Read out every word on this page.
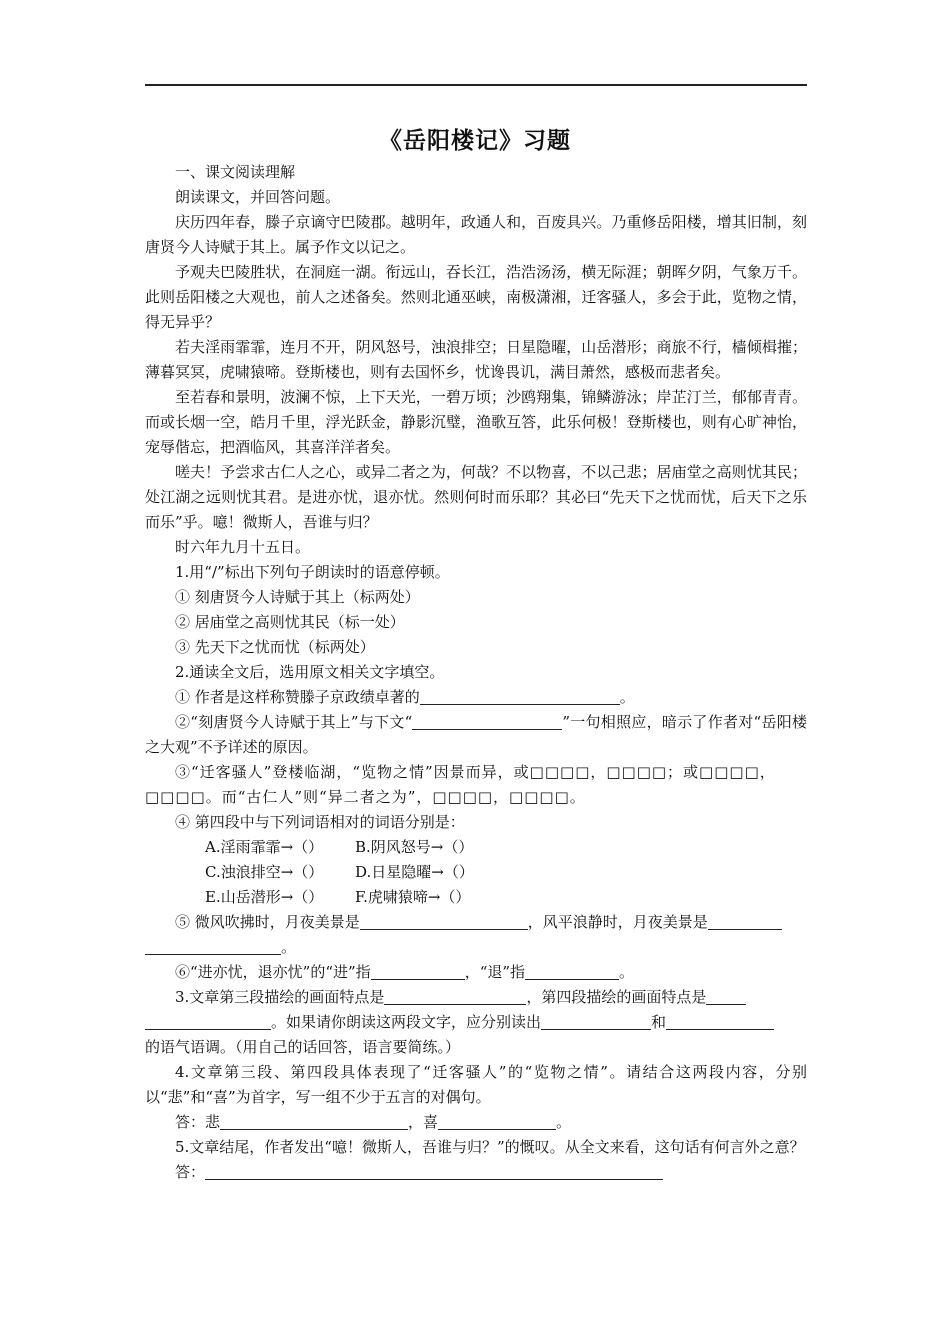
《岳阳楼记》习题

一、课文阅读理解

朗读课文，并回答问题。

庆历四年春，滕子京谪守巴陵郡。越明年，政通人和，百废具兴。乃重修岳阳楼，增其旧制，刻唐贤今人诗赋于其上。属予作文以记之。

予观夫巴陵胜状，在洞庭一湖。衔远山，吞长江，浩浩汤汤，横无际涯；朝晖夕阴，气象万千。此则岳阳楼之大观也，前人之述备矣。然则北通巫峡，南极潇湘，迁客骚人，多会于此，览物之情，得无异乎？

若夫淫雨霏霏，连月不开，阴风怒号，浊浪排空；日星隐曜，山岳潜形；商旅不行，樯倾楫摧；薄暮冥冥，虎啸猿啼。登斯楼也，则有去国怀乡，忧谗畏讥，满目萧然，感极而悲者矣。

至若春和景明，波澜不惊，上下天光，一碧万顷；沙鸥翔集，锦鳞游泳；岸芷汀兰，郁郁青青。而或长烟一空，皓月千里，浮光跃金，静影沉璧，渔歌互答，此乐何极！登斯楼也，则有心旷神怡，宠辱偕忘，把酒临风，其喜洋洋者矣。

嗟夫！予尝求古仁人之心，或异二者之为，何哉？不以物喜，不以己悲；居庙堂之高则忧其民；处江湖之远则忧其君。是进亦忧，退亦忧。然则何时而乐耶？其必曰“先天下之忧而忧，后天下之乐而乐”乎。噫！微斯人，吾谁与归？

时六年九月十五日。

1.用“/”标出下列句子朗读时的语意停顿。

① 刻唐贤今人诗赋于其上（标两处）

② 居庙堂之高则忧其民（标一处）

③ 先天下之忧而忧（标两处）

2.通读全文后，选用原文相关文字填空。

① 作者是这样称赞滕子京政绩卓著的	。

②“刻唐贤今人诗赋于其上”与下文“	”一句相照应，暗示了作者对“岳阳楼之大观”不予详述的原因。

③“迁客骚人”登楼临湖，“览物之情”因景而异，或□□□□，□□□□；或□□□□，

□□□□。而“古仁人”则“异二者之为”，□□□□，□□□□。

④ 第四段中与下列词语相对的词语分别是：

A.淫雨霏霏→（） B.阴风怒号→（）

C.浊浪排空→（） D.日星隐曜→（）

E.山岳潜形→（） F.虎啸猿啼→（）

⑤ 微风吹拂时，月夜美景是	，风平浪静时，月夜美景是

。

⑥“进亦忧，退亦忧”的“进”指	，“退”指	。

3.文章第三段描绘的画面特点是	，第四段描绘的画面特点是

。如果请你朗读这两段文字，应分别读出	和

的语气语调。（用自己的话回答，语言要简练。）

4.文章第三段、第四段具体表现了“迁客骚人”的“览物之情”。请结合这两段内容，分别以“悲”和“喜”为首字，写一组不少于五言的对偶句。

答：悲	，喜	。

5.文章结尾，作者发出“噫！微斯人，吾谁与归？”的慨叹。从全文来看，这句话有何言外之意？

答：
